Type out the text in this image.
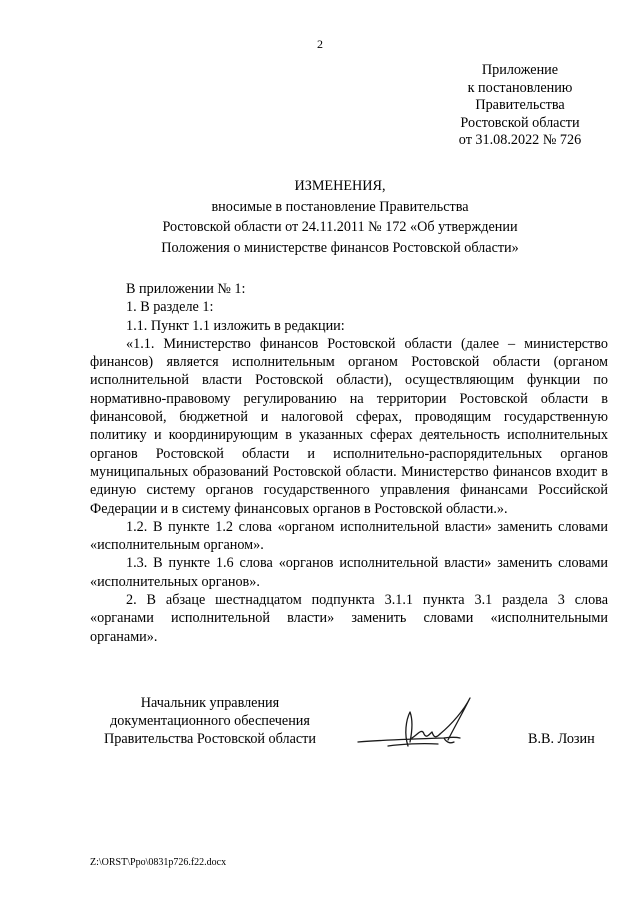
2
Приложение
к постановлению
Правительства
Ростовской области
от 31.08.2022 № 726
ИЗМЕНЕНИЯ,
вносимые в постановление Правительства
Ростовской области от 24.11.2011 № 172 «Об утверждении
Положения о министерстве финансов Ростовской области»

В приложении № 1:

1. В разделе 1:

1.1. Пункт 1.1 изложить в редакции:

«1.1. Министерство финансов Ростовской области (далее – министерство финансов) является исполнительным органом Ростовской области (органом исполнительной власти Ростовской области), осуществляющим функции по нормативно-правовому регулированию на территории Ростовской области в финансовой, бюджетной и налоговой сферах, проводящим государственную политику и координирующим в указанных сферах деятельность исполнительных органов Ростовской области и исполнительно-распорядительных органов муниципальных образований Ростовской области. Министерство финансов входит в единую систему органов государственного управления финансами Российской Федерации и в систему финансовых органов в Ростовской области.».

1.2. В пункте 1.2 слова «органом исполнительной власти» заменить словами «исполнительным органом».

1.3. В пункте 1.6 слова «органов исполнительной власти» заменить словами «исполнительных органов».

2. В абзаце шестнадцатом подпункта 3.1.1 пункта 3.1 раздела 3 слова «органами исполнительной власти» заменить словами «исполнительными органами».

Начальник управления
документационного обеспечения
Правительства Ростовской области	В.В. Лозин
Z:\ORST\Ppo\0831p726.f22.docx
